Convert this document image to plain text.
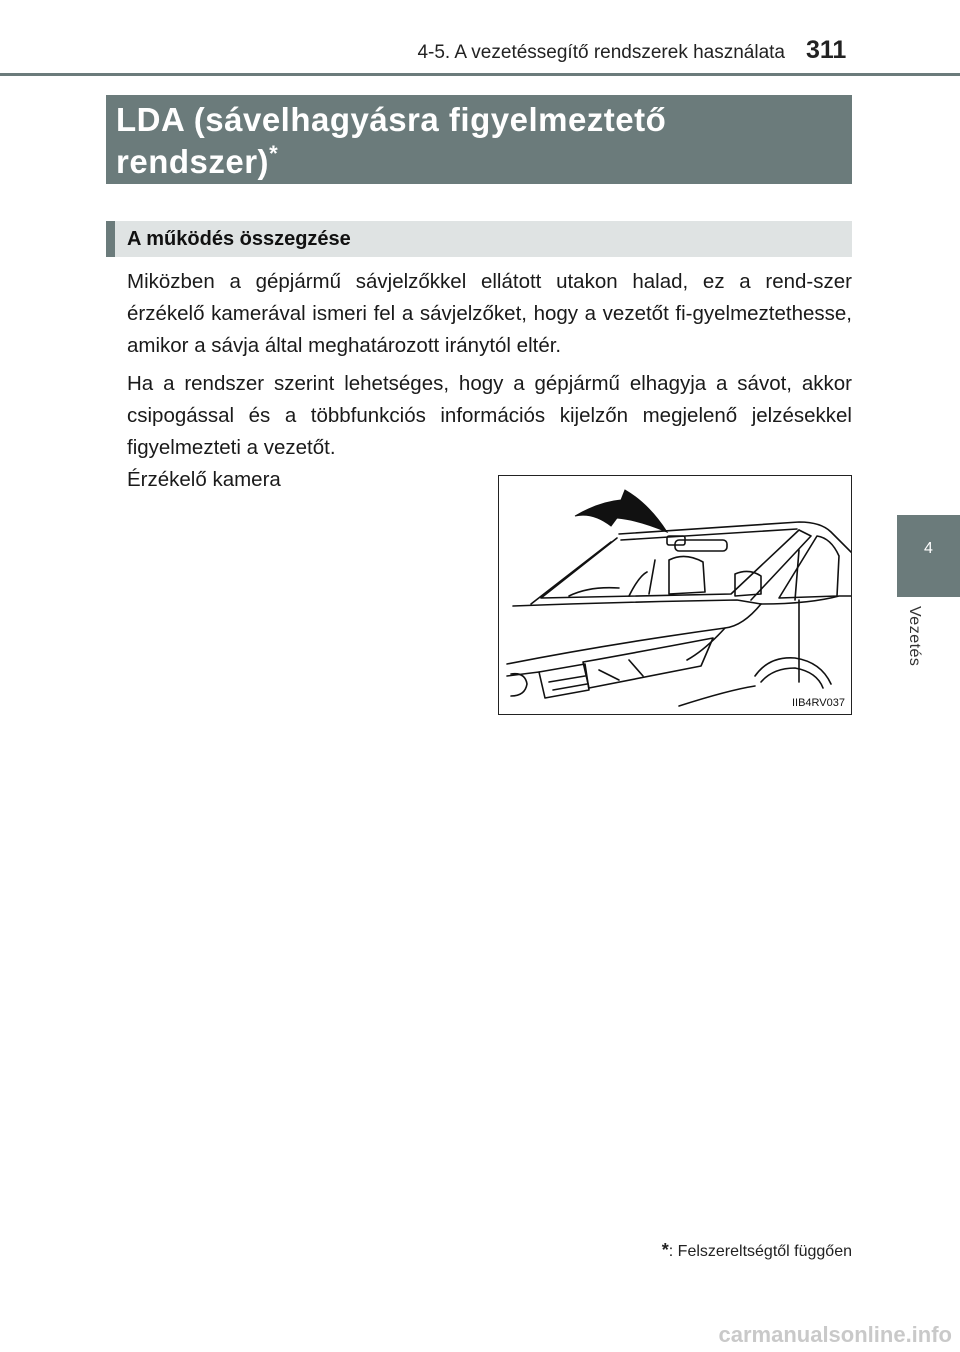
4-5. A vezetéssegítő rendszerek használata 311
4
Vezetés
LDA (sávelhagyásra figyelmeztető
rendszer)*
A működés összegzése

Miközben a gépjármű sávjelzőkkel ellátott utakon halad, ez a rend-szer érzékelő kamerával ismeri fel a sávjelzőket, hogy a vezetőt fi-gyelmeztethesse, amikor a sávja által meghatározott iránytól eltér.

Ha a rendszer szerint lehetséges, hogy a gépjármű elhagyja a sávot, akkor csipogással és a többfunkciós információs kijelzőn megjelenő jelzésekkel figyelmezteti a vezetőt.

Érzékelő kamera
IIB4RV037
*: Felszereltségtől függően
carmanualsonline.info
